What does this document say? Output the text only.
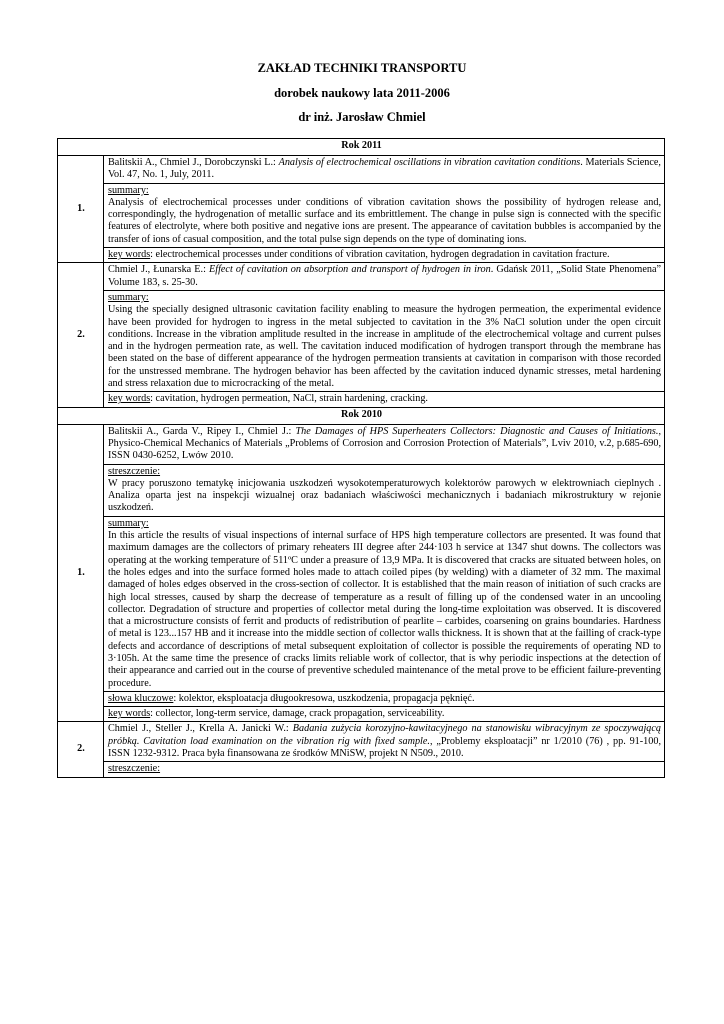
ZAKŁAD TECHNIKI TRANSPORTU
dorobek naukowy lata 2011-2006
dr inż. Jarosław Chmiel
Rok 2011	
1.	Balitskii A., Chmiel J., Dorobczynski L.: Analysis of electrochemical oscillations in vibration cavitation conditions. Materials Science, Vol. 47, No. 1, July, 2011.

	summary:
Analysis of electrochemical processes under conditions of vibration cavitation shows the possibility of hydrogen release and, correspondingly, the hydrogenation of metallic surface and its embrittlement. The change in pulse sign is connected with the specific features of electrolyte, where both positive and negative ions are present. The appearance of cavitation bubbles is accompanied by the transfer of ions of casual composition, and the total pulse sign depends on the type of dominating ions.
	key words: electrochemical processes under conditions of vibration cavitation, hydrogen degradation in cavitation fracture.
2.	Chmiel J., Łunarska E.: Effect of cavitation on absorption and transport of hydrogen in iron. Gdańsk 2011, „Solid State Phenomena” Volume 183, s. 25-30.

	summary:
Using the specially designed ultrasonic cavitation facility enabling to measure the hydrogen permeation, the experimental evidence have been provided for hydrogen to ingress in the metal subjected to cavitation in the 3% NaCl solution under the open circuit conditions. Increase in the vibration amplitude resulted in the increase in amplitude of the electrochemical voltage and current pulses and in the hydrogen permeation rate, as well. The cavitation induced modification of hydrogen transport through the membrane has been stated on the base of different appearance of the hydrogen permeation transients at cavitation in comparison with those recorded for the unstressed membrane. The hydrogen behavior has been affected by the cavitation induced dynamic stresses, metal hardening and stress relaxation due to microcracking of the metal.
	key words: cavitation, hydrogen permeation, NaCl, strain hardening, cracking.
Rok 2010	
1.	Balitskii A., Garda V., Ripey I., Chmiel J.: The Damages of HPS Superheaters Collectors: Diagnostic and Causes of Initiations., Physico-Chemical Mechanics of Materials „Problems of Corrosion and Corrosion Protection of Materials”, Lviv 2010, v.2, p.685-690, ISSN 0430-6252, Lwów 2010.

	streszczenie:
W pracy poruszono tematykę inicjowania uszkodzeń wysokotemperaturowych kolektorów parowych w elektrowniach cieplnych . Analiza oparta jest na inspekcji wizualnej oraz badaniach właściwości mechanicznych i badaniach mikrostruktury w rejonie uszkodzeń.

	summary:
In this article the results of visual inspections of internal surface of HPS high temperature collectors are presented. It was found that maximum damages are the collectors of primary reheaters III degree after 244·103 h service at 1347 shut downs. The collectors was operating at the working temperature of 511ºC under a preasure of 13,9 MPa. It is discovered that cracks are situated between holes, on the holes edges and into the surface formed holes made to attach coiled pipes (by welding) with a diameter of 32 mm. The maximal damaged of holes edges observed in the cross-section of collector. It is established that the main reason of initiation of such cracks are high local stresses, caused by sharp the decrease of temperature as a result of filling up of the condensed water in an uncooling collector. Degradation of structure and properties of collector metal during the long-time exploitation was observed. It is discovered that a microstructure consists of ferrit and products of redistribution of pearlite – carbides, coarsening on grains boundaries. Hardness of metal is 123...157 HB and it increase into the middle section of collector walls thickness. It is shown that at the failling of crack-type defects and accordance of descriptions of metal subsequent exploitation of collector is possible the requirements of operating ND to 3·105h. At the same time the presence of cracks limits reliable work of collector, that is why periodic inspections at the detection of their appearance and carried out in the course of preventive scheduled maintenance of the metal prove to be efficient failure-preventing procedure.
	słowa kluczowe: kolektor, eksploatacja długookresowa, uszkodzenia, propagacja pęknięć.
	key words: collector, long-term service, damage, crack propagation, serviceability.
2.	Chmiel J., Steller J., Krella A. Janicki W.: Badania zużycia korozyjno-kawitacyjnego na stanowisku wibracyjnym ze spoczywającą próbką. Cavitation load examination on the vibration rig with fixed sample., „Problemy eksploatacji” nr 1/2010 (76) , pp. 91-100, ISSN 1232-9312. Praca była finansowana ze środków MNiSW, projekt N N509., 2010.
	streszczenie:
